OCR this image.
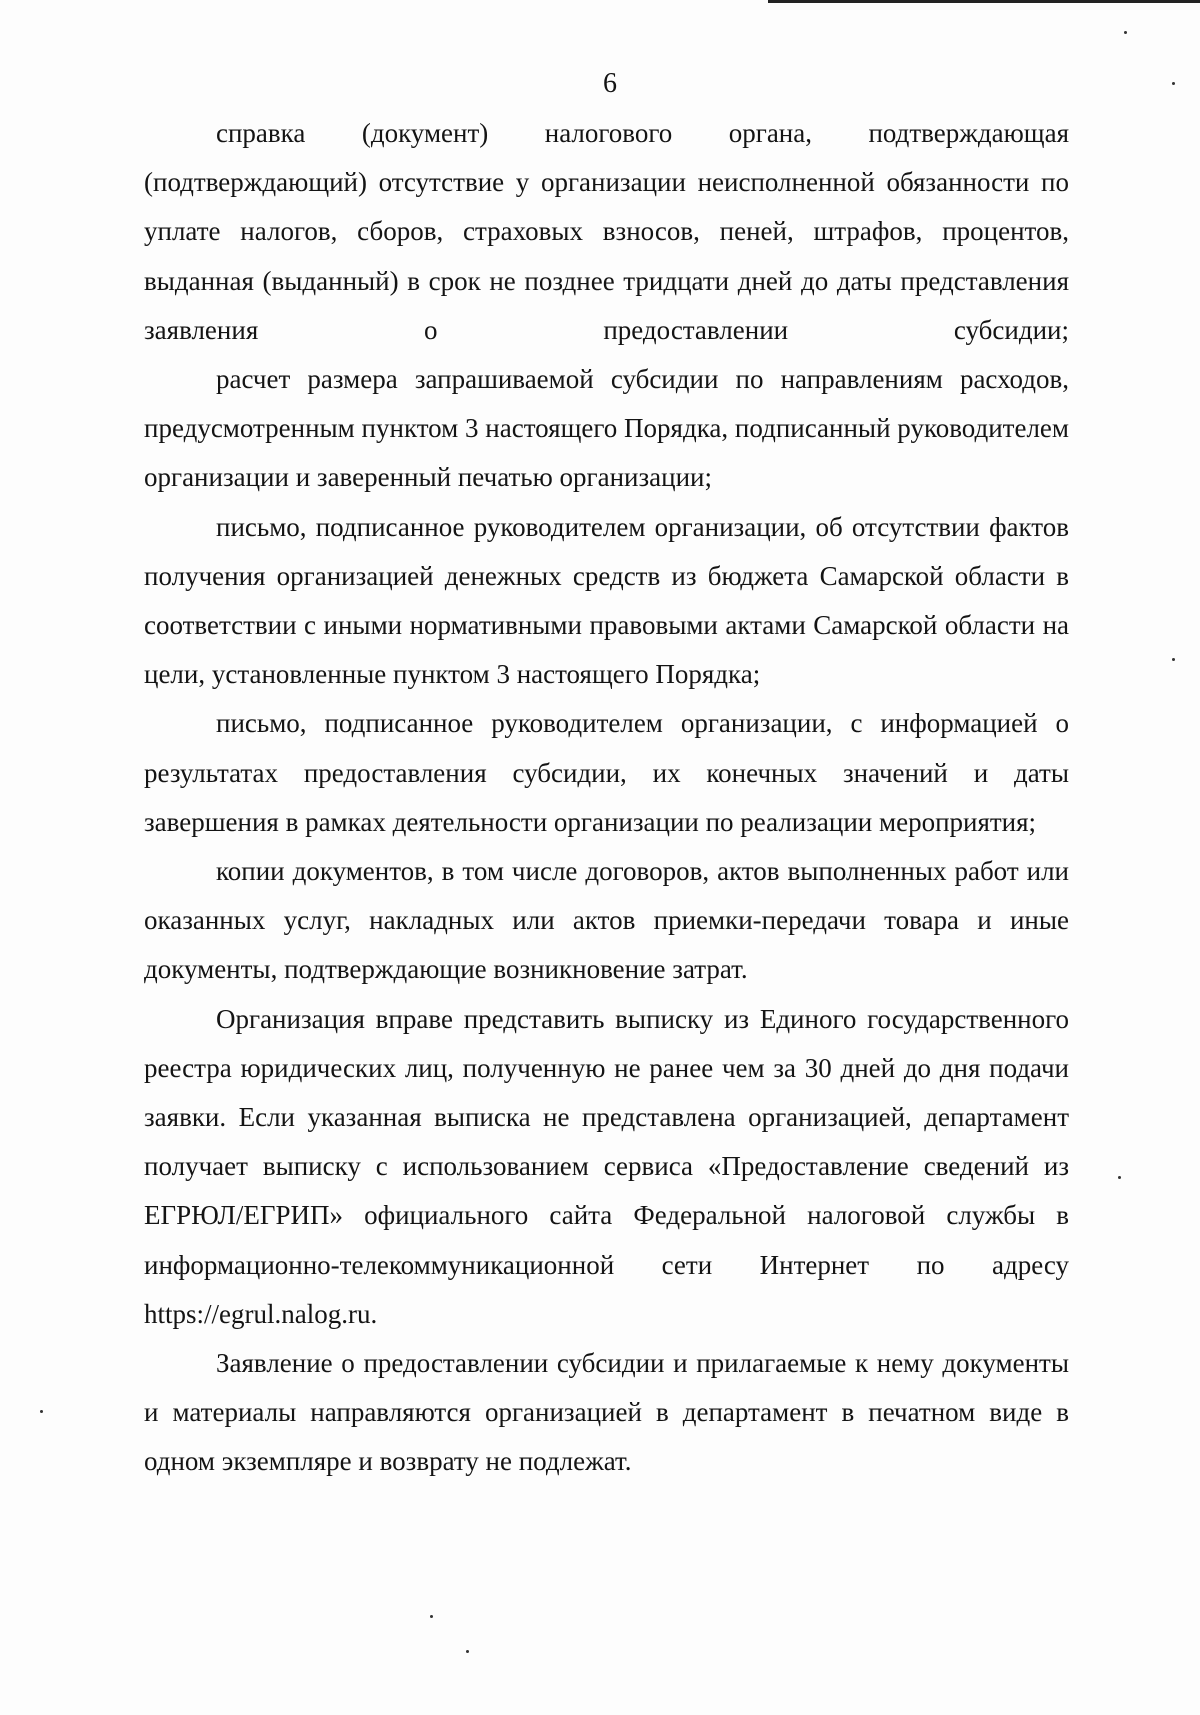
6

справка (документ) налогового органа, подтверждающая (подтверждающий) отсутствие у организации неисполненной обязанности по уплате налогов, сборов, страховых взносов, пеней, штрафов, процентов, выданная (выданный) в срок не позднее тридцати дней до даты представления заявления о предоставлении субсидии;

расчет размера запрашиваемой субсидии по направлениям расходов, предусмотренным пунктом 3 настоящего Порядка, подписанный руководителем организации и заверенный печатью организации;

письмо, подписанное руководителем организации, об отсутствии фактов получения организацией денежных средств из бюджета Самарской области в соответствии с иными нормативными правовыми актами Самарской области на цели, установленные пунктом 3 настоящего Порядка;

письмо, подписанное руководителем организации, с информацией о результатах предоставления субсидии, их конечных значений и даты завершения в рамках деятельности организации по реализации мероприятия;

копии документов, в том числе договоров, актов выполненных работ или оказанных услуг, накладных или актов приемки-передачи товара и иные документы, подтверждающие возникновение затрат.

Организация вправе представить выписку из Единого государственного реестра юридических лиц, полученную не ранее чем за 30 дней до дня подачи заявки. Если указанная выписка не представлена организацией, департамент получает выписку с использованием сервиса «Предоставление сведений из ЕГРЮЛ/ЕГРИП» официального сайта Федеральной налоговой службы в информационно-телекоммуникационной сети Интернет по адресу https://egrul.nalog.ru.

Заявление о предоставлении субсидии и прилагаемые к нему документы и материалы направляются организацией в департамент в печатном виде в одном экземпляре и возврату не подлежат.
